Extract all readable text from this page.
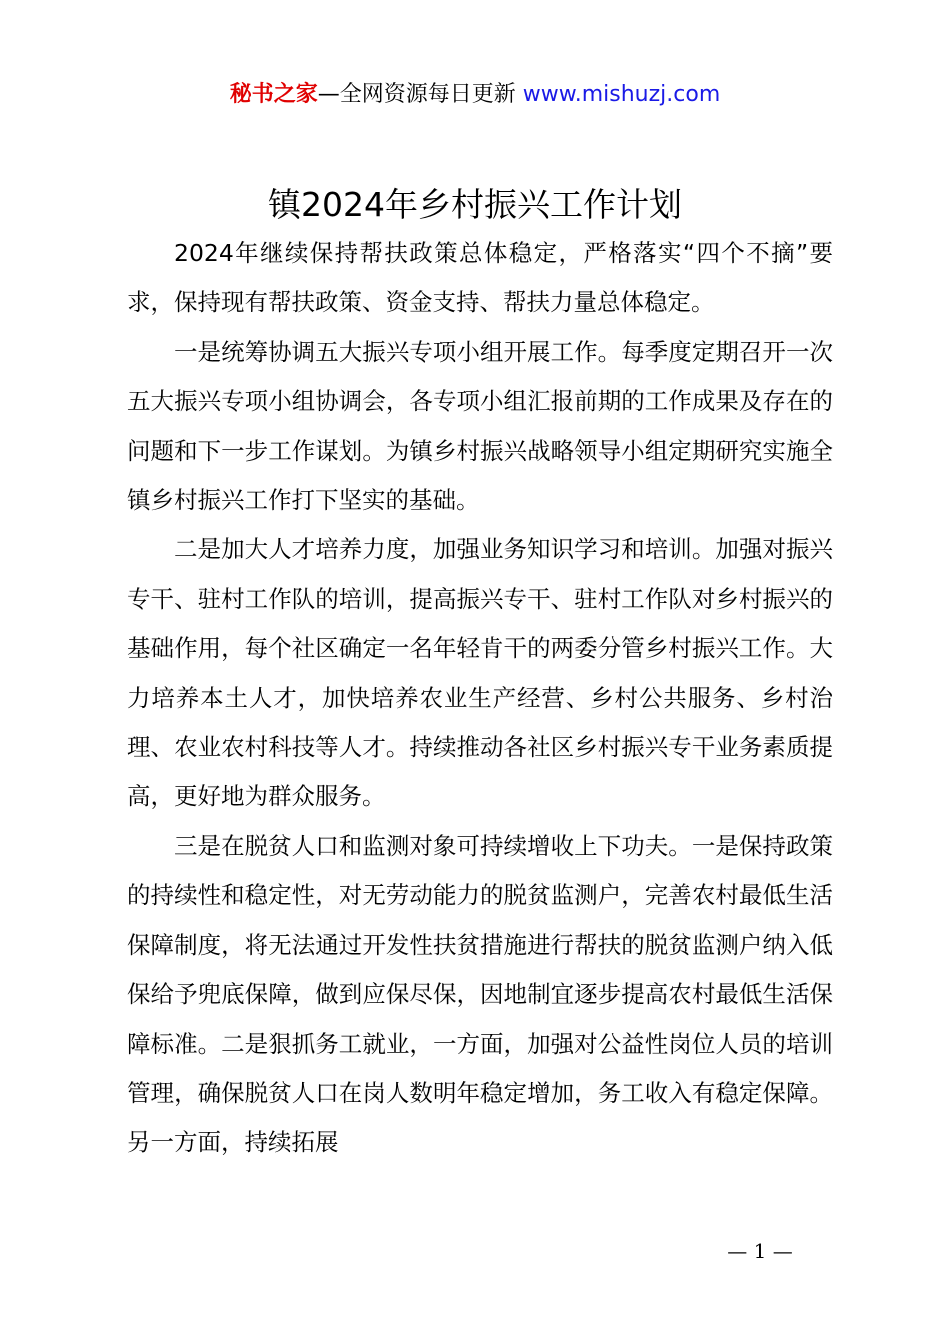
秘书之家—全网资源每日更新 www.mishuzj.com
镇2024年乡村振兴工作计划

2024年继续保持帮扶政策总体稳定，严格落实“四个不摘”要求，保持现有帮扶政策、资金支持、帮扶力量总体稳定。

一是统筹协调五大振兴专项小组开展工作。每季度定期召开一次五大振兴专项小组协调会，各专项小组汇报前期的工作成果及存在的问题和下一步工作谋划。为镇乡村振兴战略领导小组定期研究实施全镇乡村振兴工作打下坚实的基础。

二是加大人才培养力度，加强业务知识学习和培训。加强对振兴专干、驻村工作队的培训，提高振兴专干、驻村工作队对乡村振兴的基础作用，每个社区确定一名年轻肯干的两委分管乡村振兴工作。大力培养本土人才，加快培养农业生产经营、乡村公共服务、乡村治理、农业农村科技等人才。持续推动各社区乡村振兴专干业务素质提高，更好地为群众服务。

三是在脱贫人口和监测对象可持续增收上下功夫。一是保持政策的持续性和稳定性，对无劳动能力的脱贫监测户，完善农村最低生活保障制度，将无法通过开发性扶贫措施进行帮扶的脱贫监测户纳入低保给予兜底保障，做到应保尽保，因地制宜逐步提高农村最低生活保障标准。二是狠抓务工就业，一方面，加强对公益性岗位人员的培训管理，确保脱贫人口在岗人数明年稳定增加，务工收入有稳定保障。另一方面，持续拓展

— 1 —
